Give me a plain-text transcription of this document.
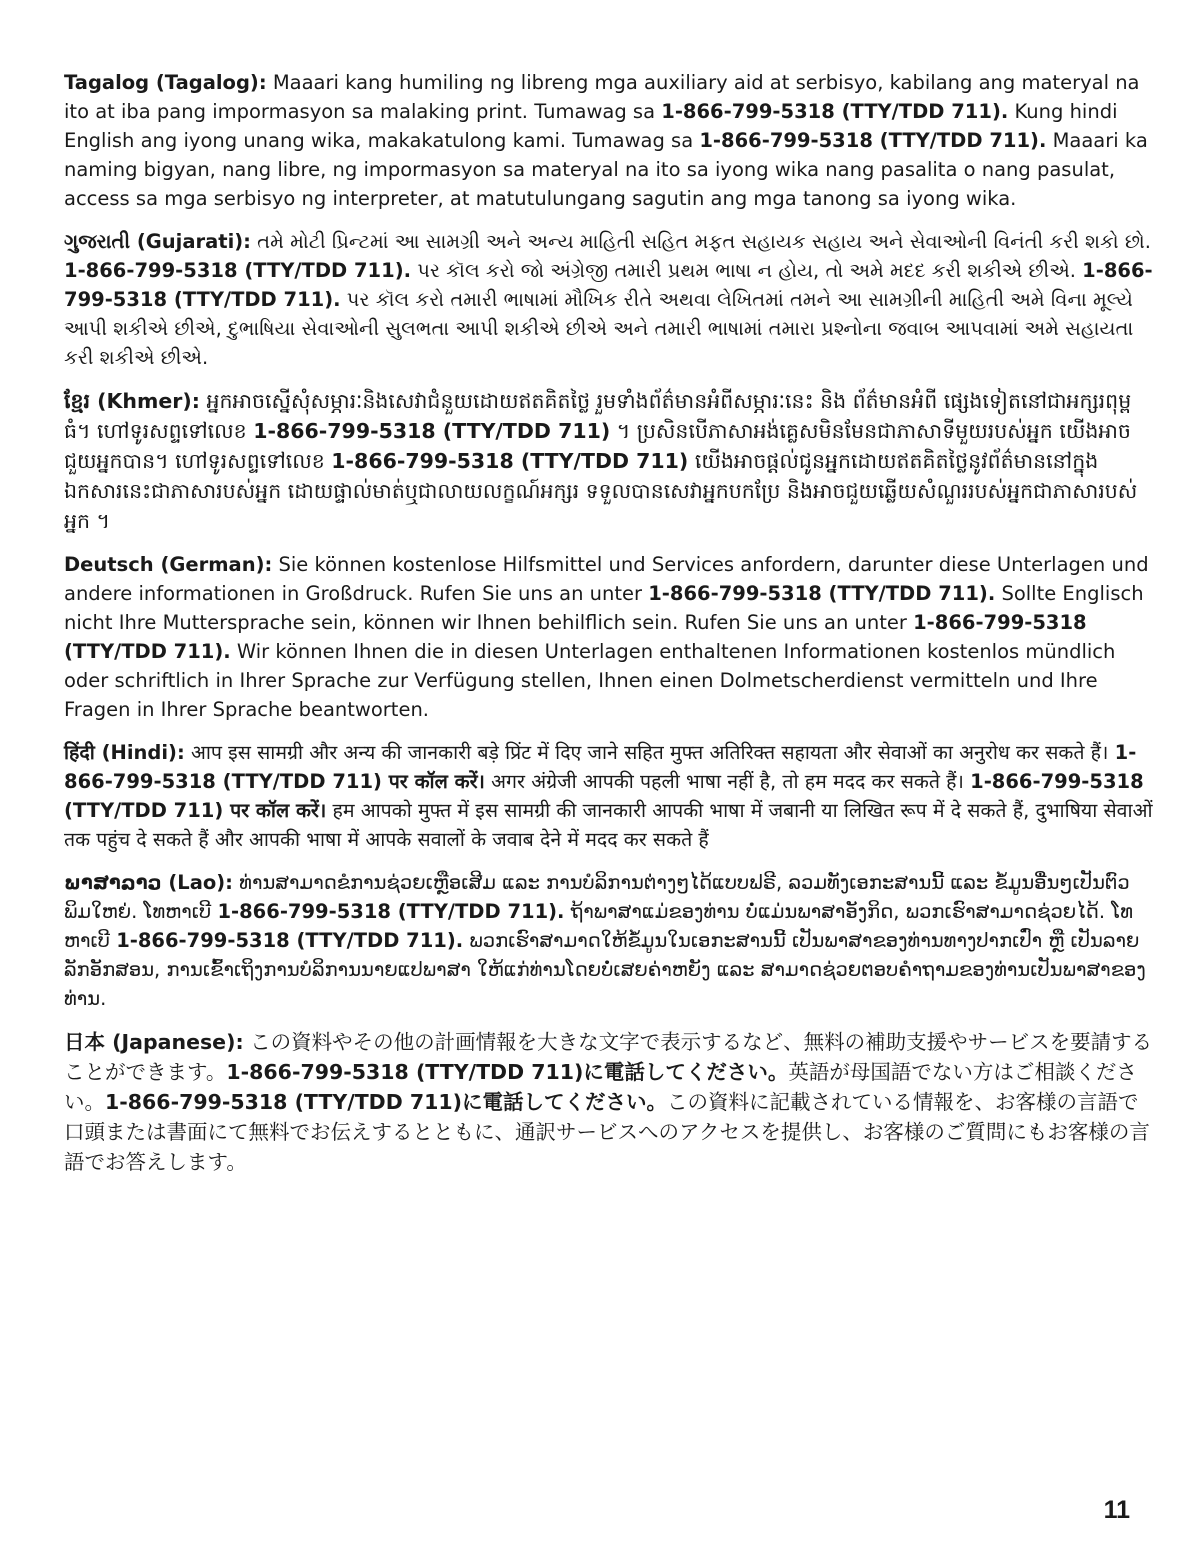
Tagalog (Tagalog): Maaari kang humiling ng libreng mga auxiliary aid at serbisyo, kabilang ang materyal na ito at iba pang impormasyon sa malaking print. Tumawag sa 1-866-799-5318 (TTY/TDD 711). Kung hindi English ang iyong unang wika, makakatulong kami. Tumawag sa 1-866-799-5318 (TTY/TDD 711). Maaari ka naming bigyan, nang libre, ng impormasyon sa materyal na ito sa iyong wika nang pasalita o nang pasulat, access sa mga serbisyo ng interpreter, at matutulungang sagutin ang mga tanong sa iyong wika.

ગુજરાતી (Gujarati): તમે મોટી પ્રિન્ટમાં આ સામગ્રી અને અન્ય માહિતી સહિત મફત સહાયક સહાય અને સેવાઓની વિનંતી કરી શકો છો. 1-866-799-5318 (TTY/TDD 711). પર કૉલ કરો જો અંગ્રેજી તમારી પ્રથમ ભાષા ન હોય, તો અમે મદદ કરી શકીએ છીએ. 1-866-799-5318 (TTY/TDD 711). પર કૉલ કરો તમારી ભાષામાં મૌખિક રીતે અથવા લેખિતમાં તમને આ સામગ્રીની માહિતી અમે વિના મૂલ્યે આપી શકીએ છીએ, દુભાષિયા સેવાઓની સુલભતા આપી શકીએ છીએ અને તમારી ભાષામાં તમારા પ્રશ્નોના જવાબ આપવામાં અમે સહાયતા કરી શકીએ છીએ.

ខ្មែរ (Khmer): អ្នកអាចស្នើសុំសម្ភារៈនិងសេវាជំនួយដោយឥតគិតថ្លៃ រួមទាំងព័ត៌មានអំពីសម្ភារៈនេះ និង ព័ត៌មានអំពី ផ្សេងទៀតនៅជាអក្សរពុម្ពធំ។ ហៅទូរសព្ទទៅលេខ 1-866-799-5318 (TTY/TDD 711) ។ ប្រសិនបើភាសាអង់គ្លេសមិនមែនជាភាសាទីមួយរបស់អ្នក យើងអាចជួយអ្នកបាន។ ហៅទូរសព្ទទៅលេខ 1-866-799-5318 (TTY/TDD 711) យើងអាចផ្តល់ជូនអ្នកដោយឥតគិតថ្លៃនូវព័ត៌មាននៅក្នុងឯកសារនេះជាភាសារបស់អ្នក ដោយផ្ទាល់មាត់ឬជាលាយលក្ខណ៍អក្សរ ទទួលបានសេវាអ្នកបកប្រែ និងអាចជួយឆ្លើយសំណួររបស់អ្នកជាភាសារបស់អ្នក ។

Deutsch (German): Sie können kostenlose Hilfsmittel und Services anfordern, darunter diese Unterlagen und andere informationen in Großdruck. Rufen Sie uns an unter 1-866-799-5318 (TTY/TDD 711). Sollte Englisch nicht Ihre Muttersprache sein, können wir Ihnen behilflich sein. Rufen Sie uns an unter 1-866-799-5318 (TTY/TDD 711). Wir können Ihnen die in diesen Unterlagen enthaltenen Informationen kostenlos mündlich oder schriftlich in Ihrer Sprache zur Verfügung stellen, Ihnen einen Dolmetscherdienst vermitteln und Ihre Fragen in Ihrer Sprache beantworten.

हिंदी (Hindi): आप इस सामग्री और अन्य की जानकारी बड़े प्रिंट में दिए जाने सहित मुफ्त अतिरिक्त सहायता और सेवाओं का अनुरोध कर सकते हैं। 1-866-799-5318 (TTY/TDD 711) पर कॉल करें। अगर अंग्रेजी आपकी पहली भाषा नहीं है, तो हम मदद कर सकते हैं। 1-866-799-5318 (TTY/TDD 711) पर कॉल करें। हम आपको मुफ्त में इस सामग्री की जानकारी आपकी भाषा में जबानी या लिखित रूप में दे सकते हैं, दुभाषिया सेवाओं तक पहुंच दे सकते हैं और आपकी भाषा में आपके सवालों के जवाब देने में मदद कर सकते हैं

ພາສາລາວ (Lao): ທ່ານສາມາດຂໍການຊ່ວຍເຫຼືອເສີມ ແລະ ການບໍລິການຕ່າງໆໄດ້ແບບຟຣີ, ລວມທັງເອກະສານນີ້ ແລະ ຂໍ້ມູນອື່ນໆເປັນຕົວພິມໃຫຍ່. ໂທຫາເບີ 1-866-799-5318 (TTY/TDD 711). ຖ້າພາສາແມ່ຂອງທ່ານ ບໍ່ແມ່ນພາສາອັງກິດ, ພວກເຮົາສາມາດຊ່ວຍໄດ້. ໂທຫາເບີ 1-866-799-5318 (TTY/TDD 711). ພວກເຮົາສາມາດໃຫ້ຂໍ້ມູນໃນເອກະສານນີ້ ເປັນພາສາຂອງທ່ານທາງປາກເປົ່າ ຫຼື ເປັນລາຍລັກອັກສອນ, ການເຂົ້າເຖິງການບໍລິການນາຍແປພາສາ ໃຫ້ແກ່ທ່ານໂດຍບໍ່ເສຍຄ່າຫຍັງ ແລະ ສາມາດຊ່ວຍຕອບຄໍາຖາມຂອງທ່ານເປັນພາສາຂອງທ່ານ.

日本 (Japanese): この資料やその他の計画情報を大きな文字で表示するなど、無料の補助支援やサービスを要請することができます。1-866-799-5318 (TTY/TDD 711)に電話してください。英語が母国語でない方はご相談ください。1-866-799-5318 (TTY/TDD 711)に電話してください。この資料に記載されている情報を、お客様の言語で口頭または書面にて無料でお伝えするとともに、通訳サービスへのアクセスを提供し、お客様のご質問にもお客様の言語でお答えします。

11
